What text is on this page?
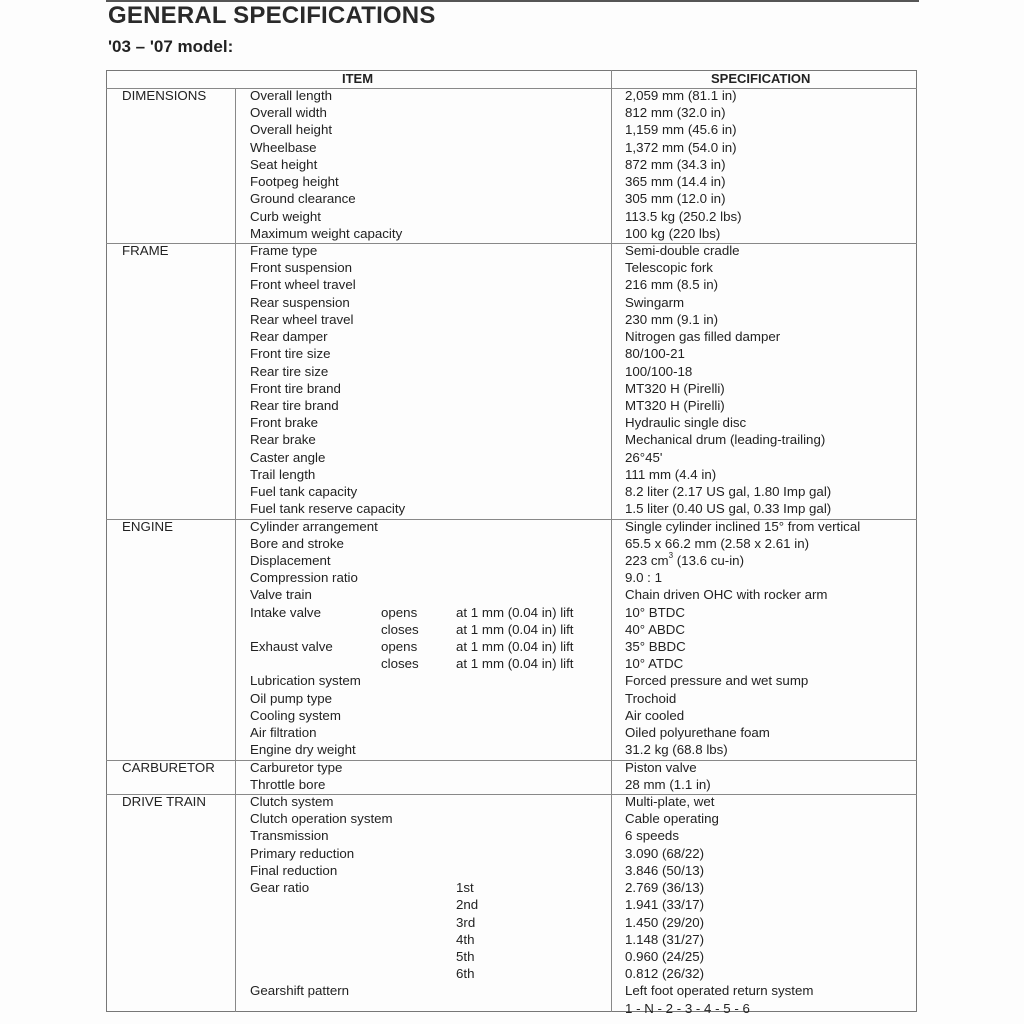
GENERAL SPECIFICATIONS
'03 – '07 model:
ITEM	SPECIFICATION
DIMENSIONS	Overall length	2,059 mm (81.1 in)
Overall width	812 mm (32.0 in)
Overall height	1,159 mm (45.6 in)
Wheelbase	1,372 mm (54.0 in)
Seat height	872 mm (34.3 in)
Footpeg height	365 mm (14.4 in)
Ground clearance	305 mm (12.0 in)
Curb weight	113.5 kg (250.2 lbs)
Maximum weight capacity	100 kg (220 lbs)
FRAME	Frame type	Semi-double cradle
Front suspension	Telescopic fork
Front wheel travel	216 mm (8.5 in)
Rear suspension	Swingarm
Rear wheel travel	230 mm (9.1 in)
Rear damper	Nitrogen gas filled damper
Front tire size	80/100-21
Rear tire size	100/100-18
Front tire brand	MT320 H (Pirelli)
Rear tire brand	MT320 H (Pirelli)
Front brake	Hydraulic single disc
Rear brake	Mechanical drum (leading-trailing)
Caster angle	26°45'
Trail length	111 mm (4.4 in)
Fuel tank capacity	8.2 liter (2.17 US gal, 1.80 Imp gal)
Fuel tank reserve capacity	1.5 liter (0.40 US gal, 0.33 Imp gal)
ENGINE	Cylinder arrangement	Single cylinder inclined 15° from vertical
Bore and stroke	65.5 x 66.2 mm (2.58 x 2.61 in)
Displacement	223 $cm^3$ (13.6 cu-in)
Compression ratio	9.0 : 1
Valve train	Chain driven OHC with rocker arm
Intake valve	opens	at 1 mm (0.04 in) lift	10° BTDC
closes	at 1 mm (0.04 in) lift	40° ABDC
Exhaust valve	opens	at 1 mm (0.04 in) lift	35° BBDC
closes	at 1 mm (0.04 in) lift	10° ATDC
Lubrication system	Forced pressure and wet sump
Oil pump type	Trochoid
Cooling system	Air cooled
Air filtration	Oiled polyurethane foam
Engine dry weight	31.2 kg (68.8 lbs)
CARBURETOR	Carburetor type	Piston valve
Throttle bore	28 mm (1.1 in)
DRIVE TRAIN	Clutch system	Multi-plate, wet
Clutch operation system	Cable operating
Transmission	6 speeds
Primary reduction	3.090 (68/22)
Final reduction	3.846 (50/13)
Gear ratio	1st	2.769 (36/13)
2nd	1.941 (33/17)
3rd	1.450 (29/20)
4th	1.148 (31/27)
5th	0.960 (24/25)
6th	0.812 (26/32)
Gearshift pattern	Left foot operated return system
1 - N - 2 - 3 - 4 - 5 - 6
